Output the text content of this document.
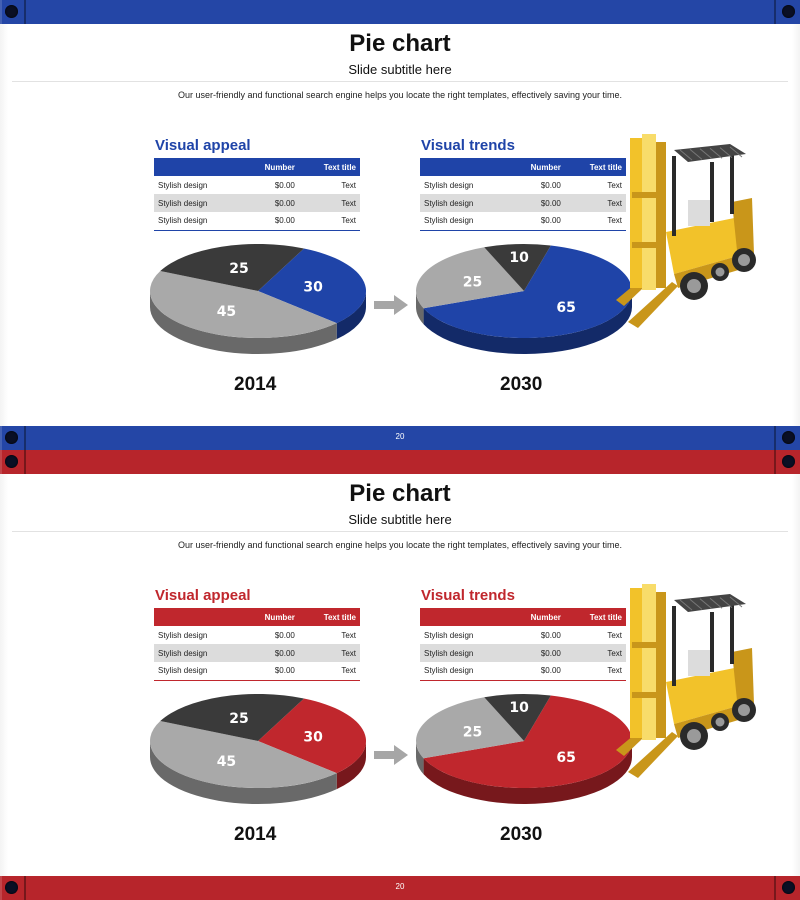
Pie chart
Slide subtitle here
Our user-friendly and functional search engine helps you locate the right templates, effectively saving your time.
Visual appeal	Visual trends
	Number	Text title
Stylish design	$0.00	Text
Stylish design	$0.00	Text
Stylish design	$0.00	Text
	Number	Text title
Stylish design	$0.00	Text
Stylish design	$0.00	Text
Stylish design	$0.00	Text
30
45
25
65
25
10
2014	2030
20
Pie chart
Slide subtitle here
Our user-friendly and functional search engine helps you locate the right templates, effectively saving your time.
Visual appeal	Visual trends
	Number	Text title
Stylish design	$0.00	Text
Stylish design	$0.00	Text
Stylish design	$0.00	Text
	Number	Text title
Stylish design	$0.00	Text
Stylish design	$0.00	Text
Stylish design	$0.00	Text
30
45
25
65
25
10
2014	2030
20
